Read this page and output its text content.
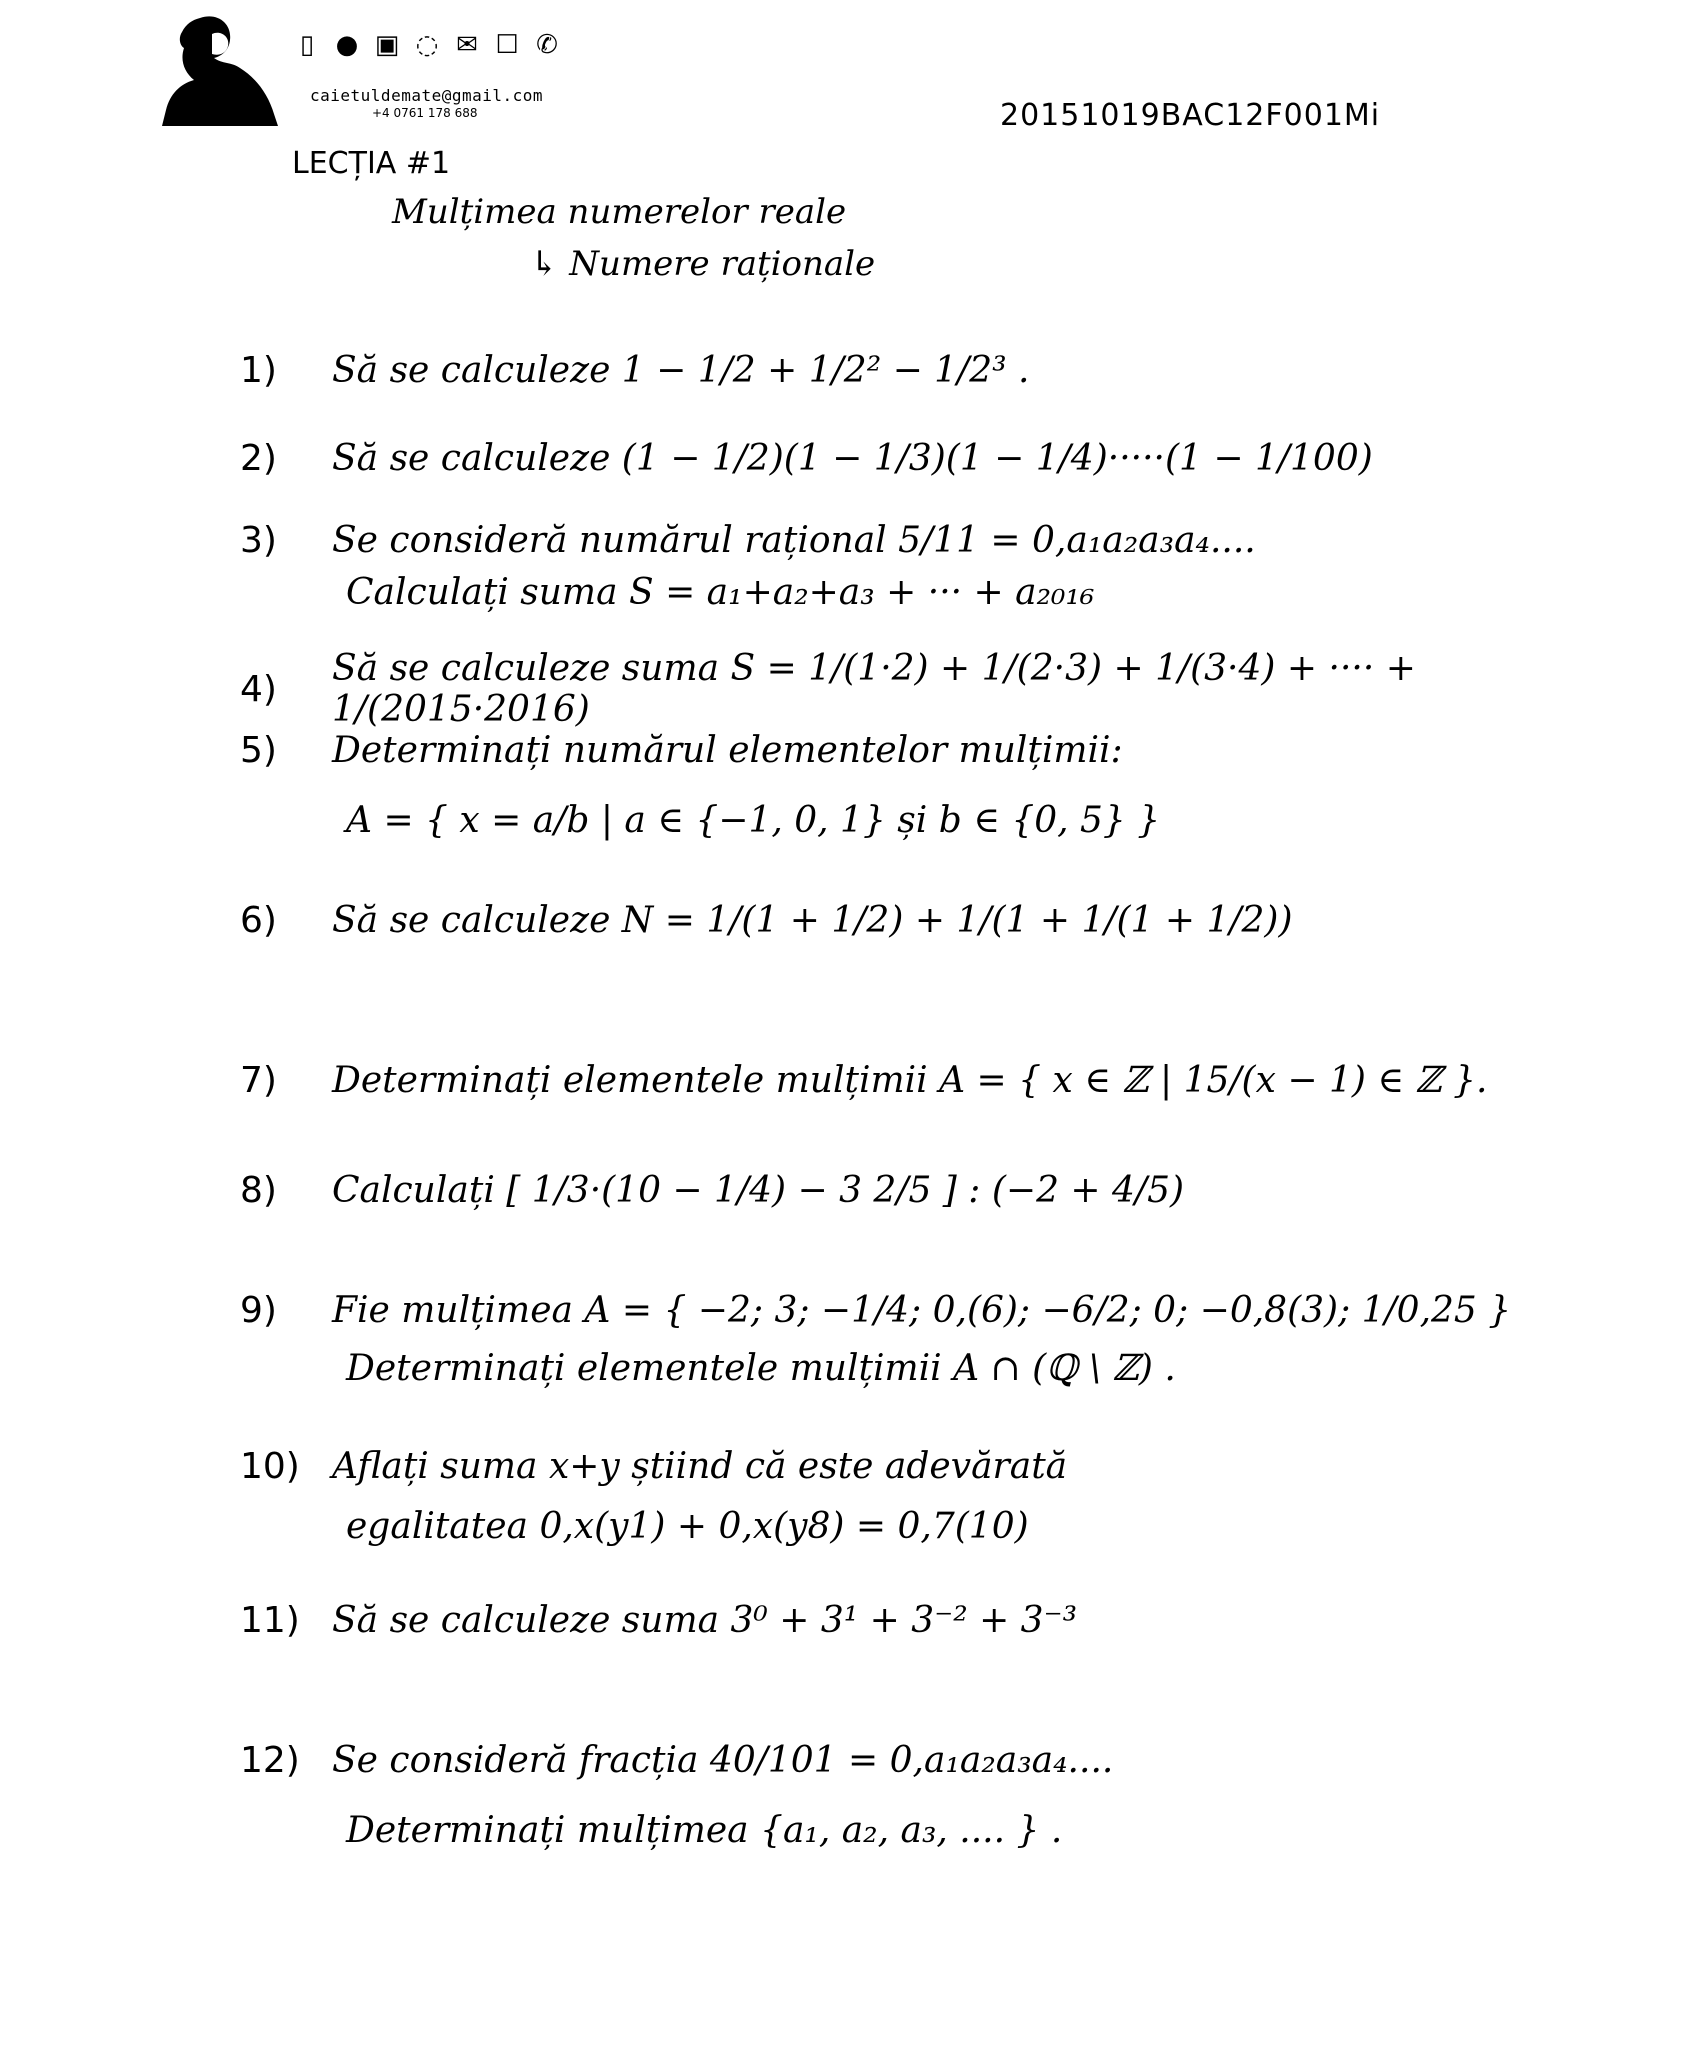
▯ ● ▣ ◌ ✉ ☐ ✆
caietuldemate@gmail.com
+4 0761 178 688	20151019BAC12F001Mi
LECȚIA #1
Mulțimea numerelor reale
↳ Numere raționale
1)	Să se calculeze 1 − 1/2 + 1/2² − 1/2³ .
2)	Să se calculeze (1 − 1/2)(1 − 1/3)(1 − 1/4)·····(1 − 1/100)
3)	Se consideră numărul rațional 5/11 = 0,a₁a₂a₃a₄....
Calculați suma S = a₁+a₂+a₃ + ··· + a₂₀₁₆
4)
Să se calculeze suma S = 1/(1·2) + 1/(2·3) + 1/(3·4) + ···· + 1/(2015·2016)
5)	Determinați numărul elementelor mulțimii:
A = { x = a/b | a ∈ {−1, 0, 1} și b ∈ {0, 5} }
6)	Să se calculeze N = 1/(1 + 1/2) + 1/(1 + 1/(1 + 1/2))
7)	Determinați elementele mulțimii A = { x ∈ ℤ | 15/(x − 1) ∈ ℤ }.
8)	Calculați [ 1/3·(10 − 1/4) − 3 2/5 ] : (−2 + 4/5)
9)	Fie mulțimea A = { −2; 3; −1/4; 0,(6); −6/2; 0; −0,8(3); 1/0,25 }
Determinați elementele mulțimii A ∩ (ℚ \ ℤ) .
10) Aflați suma x+y știind că este adevărată
egalitatea 0,x(y1) + 0,x(y8) = 0,7(10)
11) Să se calculeze suma 3⁰ + 3¹ + 3⁻² + 3⁻³
12) Se consideră fracția 40/101 = 0,a₁a₂a₃a₄....
Determinați mulțimea {a₁, a₂, a₃, .... } .
